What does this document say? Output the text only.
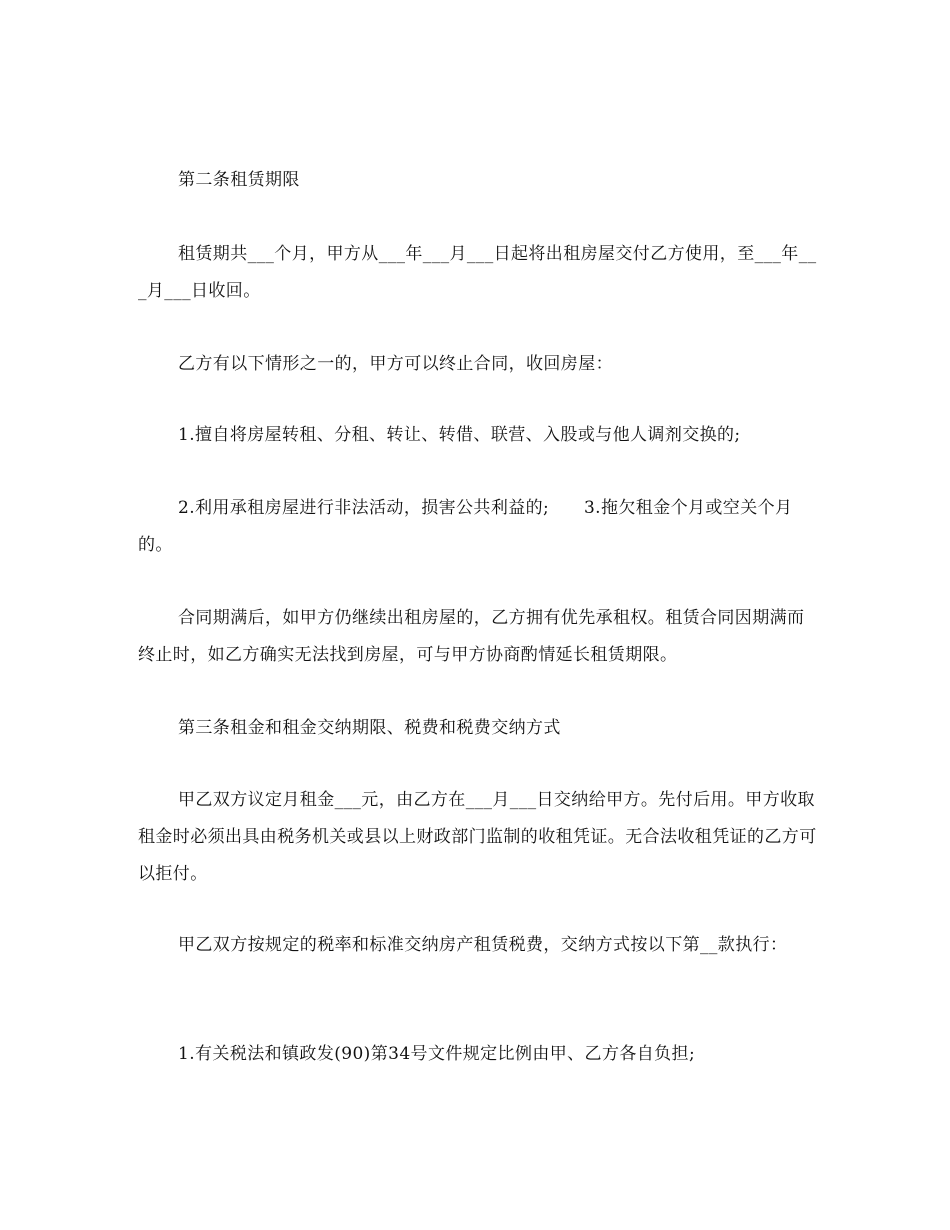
第二条租赁期限

租赁期共___个月，甲方从___年___月___日起将出租房屋交付乙方使用，至___年___月___日收回。

乙方有以下情形之一的，甲方可以终止合同，收回房屋：

1.擅自将房屋转租、分租、转让、转借、联营、入股或与他人调剂交换的;

2.利用承租房屋进行非法活动，损害公共利益的;      3.拖欠租金个月或空关个月的。

合同期满后，如甲方仍继续出租房屋的，乙方拥有优先承租权。租赁合同因期满而终止时，如乙方确实无法找到房屋，可与甲方协商酌情延长租赁期限。

第三条租金和租金交纳期限、税费和税费交纳方式

甲乙双方议定月租金___元，由乙方在___月___日交纳给甲方。先付后用。甲方收取租金时必须出具由税务机关或县以上财政部门监制的收租凭证。无合法收租凭证的乙方可以拒付。

甲乙双方按规定的税率和标准交纳房产租赁税费，交纳方式按以下第__款执行：

1.有关税法和镇政发(90)第34号文件规定比例由甲、乙方各自负担;
